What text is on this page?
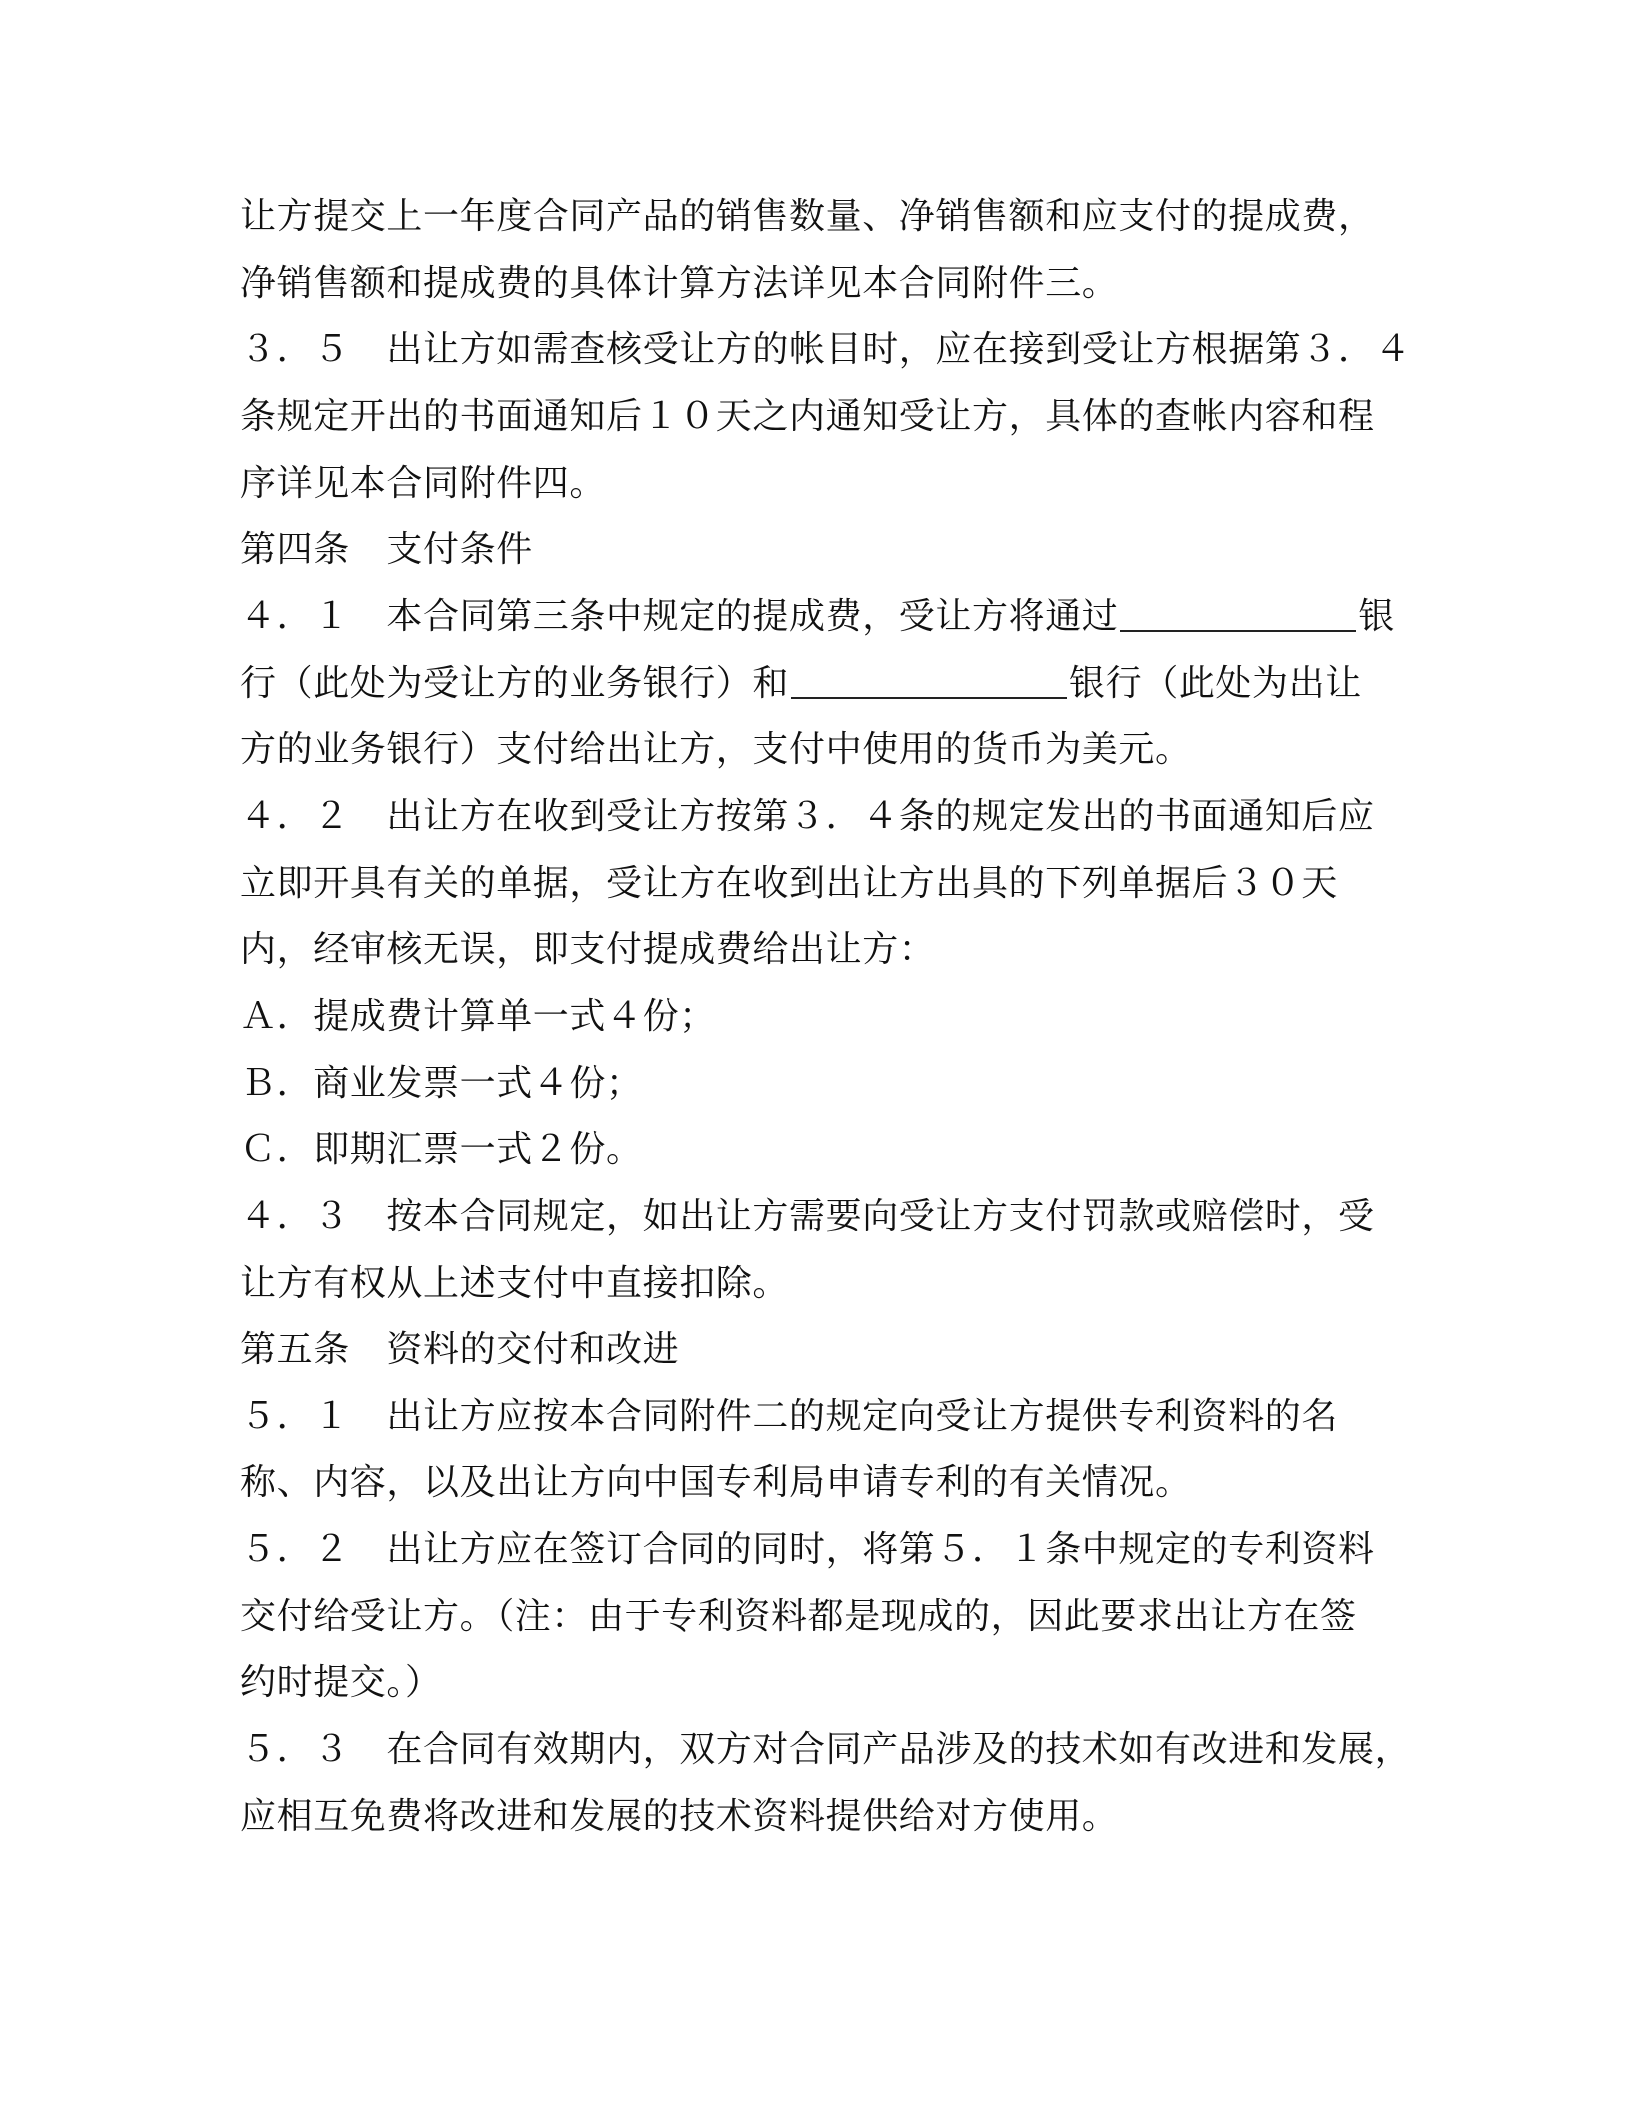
让方提交上一年度合同产品的销售数量、净销售额和应支付的提成费，
净销售额和提成费的具体计算方法详见本合同附件三。
３．５　出让方如需查核受让方的帐目时，应在接到受让方根据第３．４
条规定开出的书面通知后１０天之内通知受让方，具体的查帐内容和程
序详见本合同附件四。
第四条　支付条件
４．１　本合同第三条中规定的提成费，受让方将通过	银
行（此处为受让方的业务银行）和	银行（此处为出让
方的业务银行）支付给出让方，支付中使用的货币为美元。
４．２　出让方在收到受让方按第３．４条的规定发出的书面通知后应
立即开具有关的单据，受让方在收到出让方出具的下列单据后３０天
内，经审核无误，即支付提成费给出让方：
Ａ．提成费计算单一式４份；
Ｂ．商业发票一式４份；
Ｃ．即期汇票一式２份。
４．３　按本合同规定，如出让方需要向受让方支付罚款或赔偿时，受
让方有权从上述支付中直接扣除。
第五条　资料的交付和改进
５．１　出让方应按本合同附件二的规定向受让方提供专利资料的名
称、内容，以及出让方向中国专利局申请专利的有关情况。
５．２　出让方应在签订合同的同时，将第５．１条中规定的专利资料
交付给受让方。（注：由于专利资料都是现成的，因此要求出让方在签
约时提交。）
５．３　在合同有效期内，双方对合同产品涉及的技术如有改进和发展，
应相互免费将改进和发展的技术资料提供给对方使用。
